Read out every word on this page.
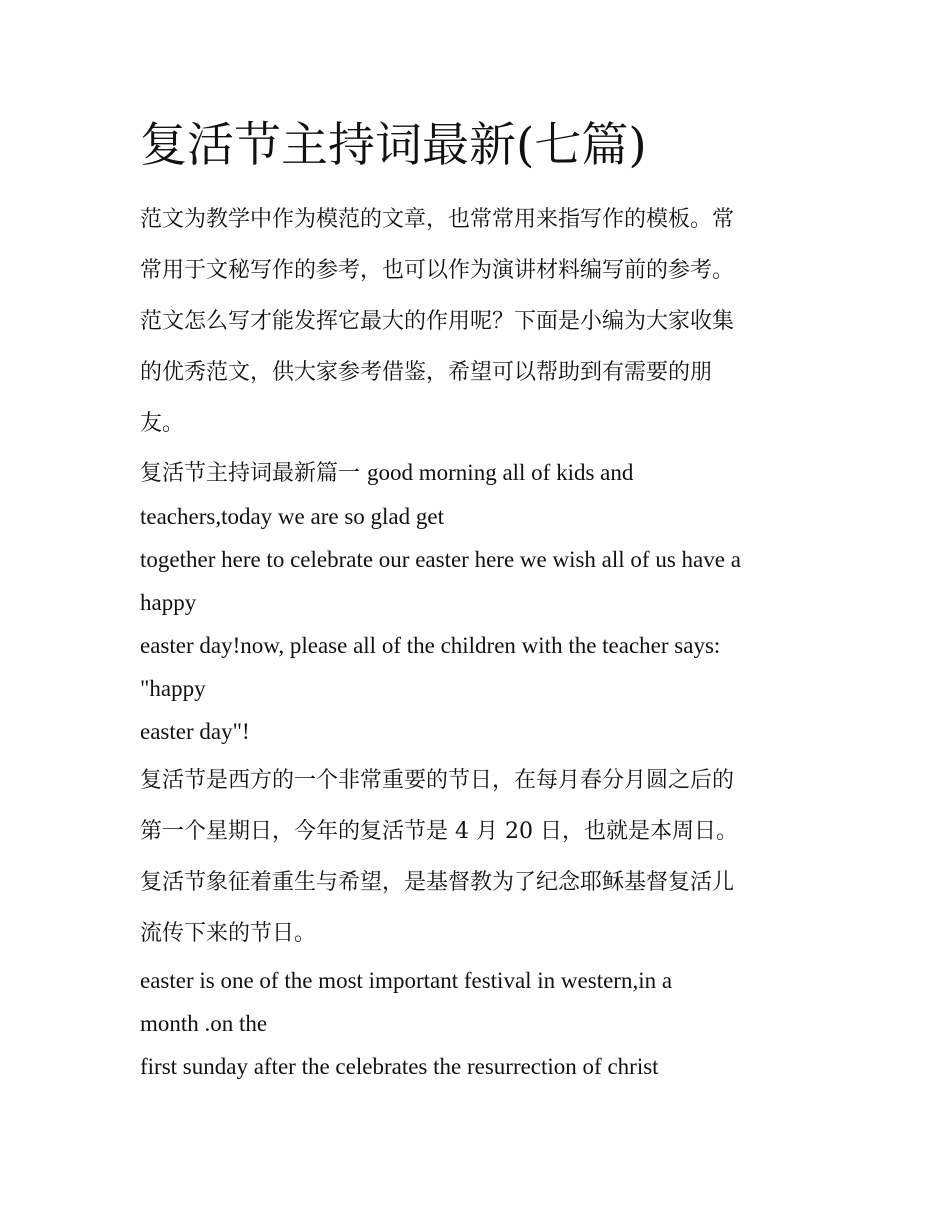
复活节主持词最新(七篇)

范文为教学中作为模范的文章，也常常用来指写作的模板。常

常用于文秘写作的参考，也可以作为演讲材料编写前的参考。

范文怎么写才能发挥它最大的作用呢？下面是小编为大家收集

的优秀范文，供大家参考借鉴，希望可以帮助到有需要的朋

友。

复活节主持词最新篇一 good morning all of kids and

teachers,today we are so glad get

together here to celebrate our easter here we wish all of us have a

happy

easter day!now, please all of the children with the teacher says:

"happy

easter day"!

复活节是西方的一个非常重要的节日，在每月春分月圆之后的

第一个星期日，今年的复活节是 4 月 20 日，也就是本周日。

复活节象征着重生与希望，是基督教为了纪念耶稣基督复活儿

流传下来的节日。

easter is one of the most important festival in western,in a

month .on the

first sunday after the celebrates the resurrection of christ
